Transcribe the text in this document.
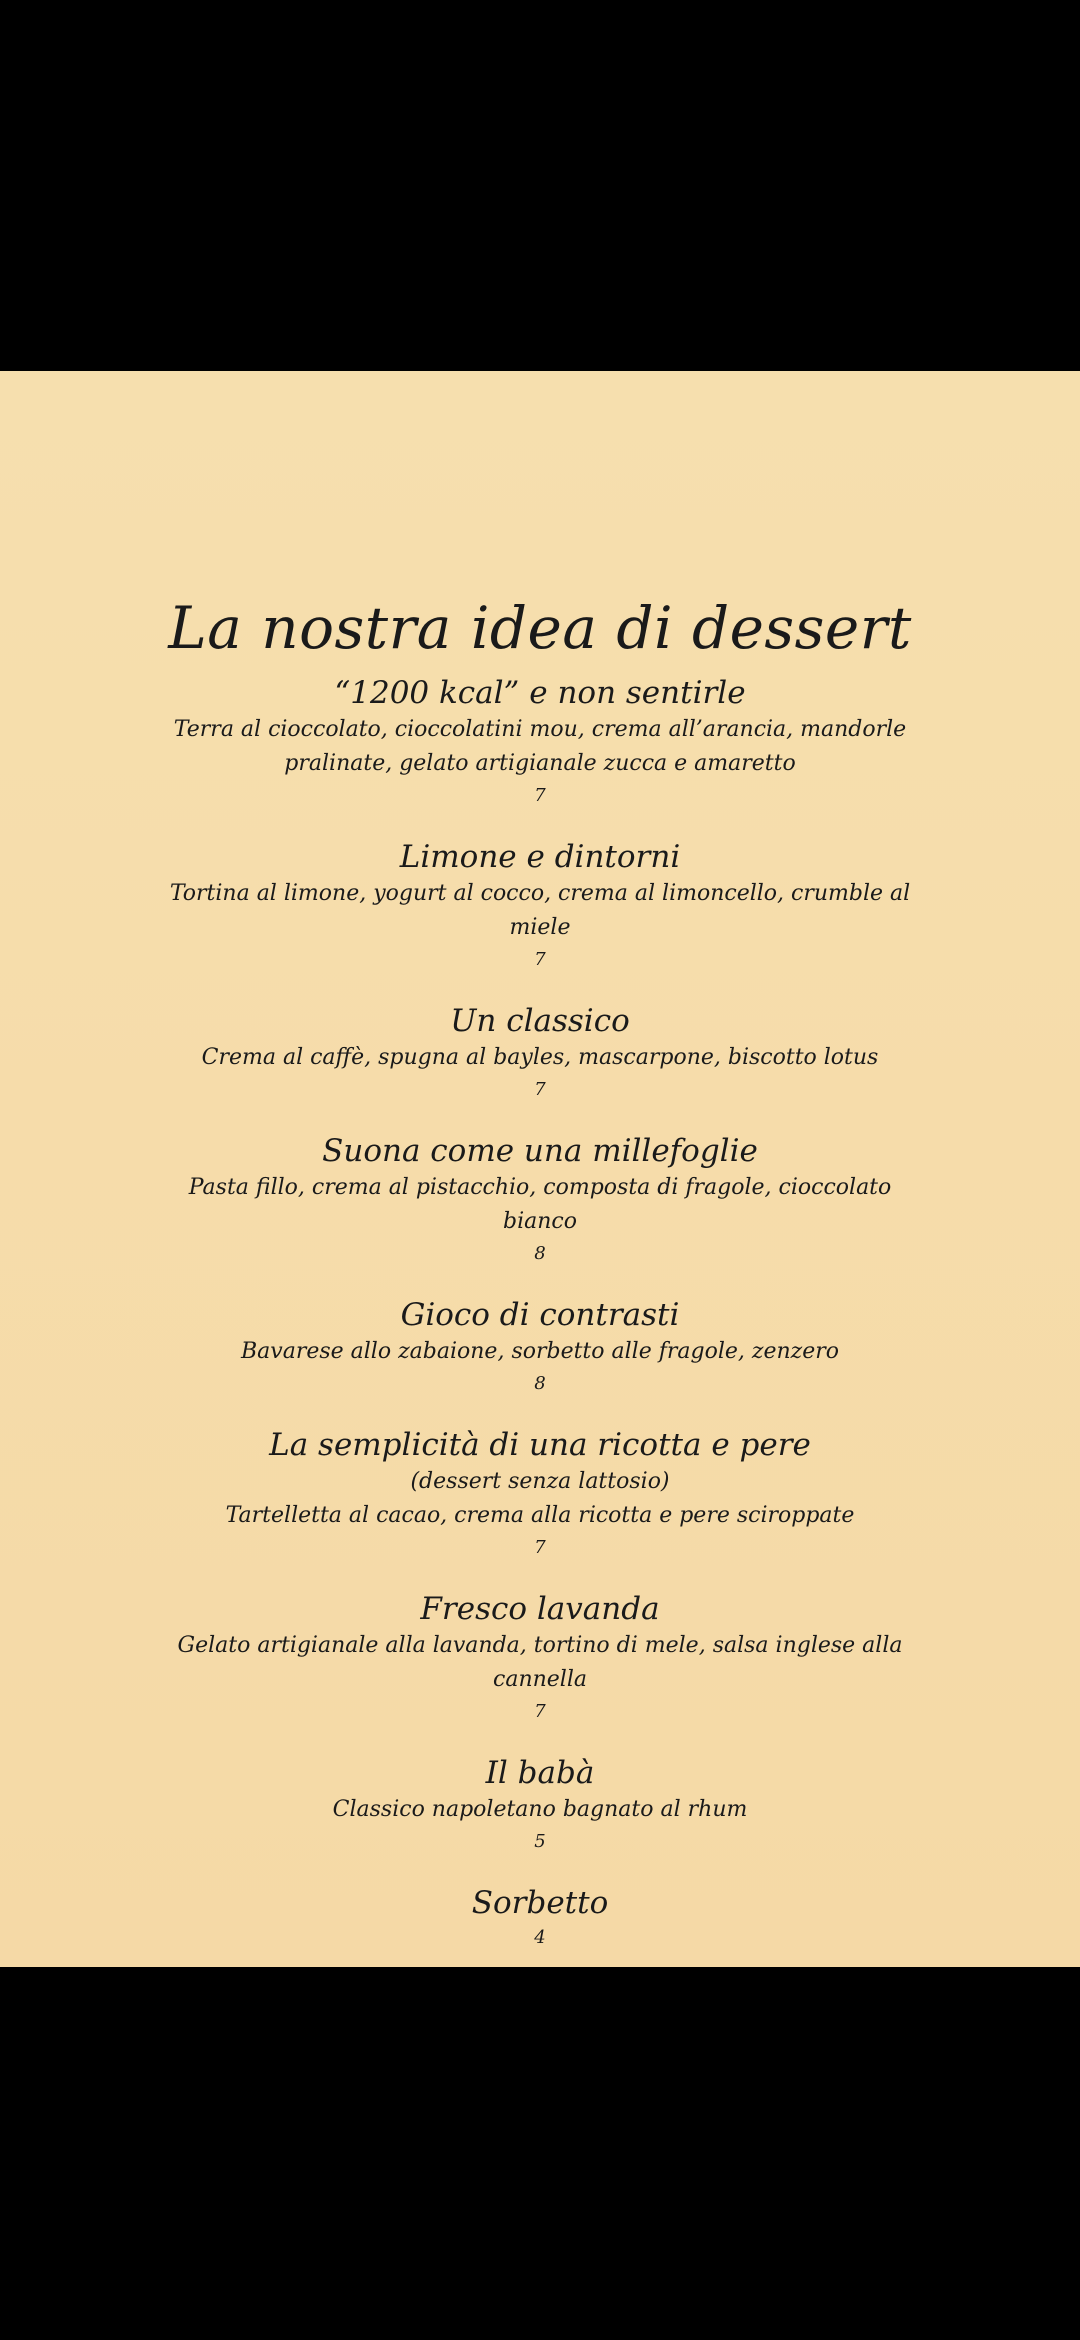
La nostra idea di dessert

“1200 kcal” e non sentirle

Terra al cioccolato, cioccolatini mou, crema all’arancia, mandorle pralinate, gelato artigianale zucca e amaretto

7

Limone e dintorni

Tortina al limone, yogurt al cocco, crema al limoncello, crumble al miele

7

Un classico

Crema al caffè, spugna al bayles, mascarpone, biscotto lotus

7

Suona come una millefoglie

Pasta fillo, crema al pistacchio, composta di fragole, cioccolato bianco

8

Gioco di contrasti

Bavarese allo zabaione, sorbetto alle fragole, zenzero

8

La semplicità di una ricotta e pere

(dessert senza lattosio)

Tartelletta al cacao, crema alla ricotta e pere sciroppate

7

Fresco lavanda

Gelato artigianale alla lavanda, tortino di mele, salsa inglese alla cannella

7

Il babà

Classico napoletano bagnato al rhum

5

Sorbetto

4
